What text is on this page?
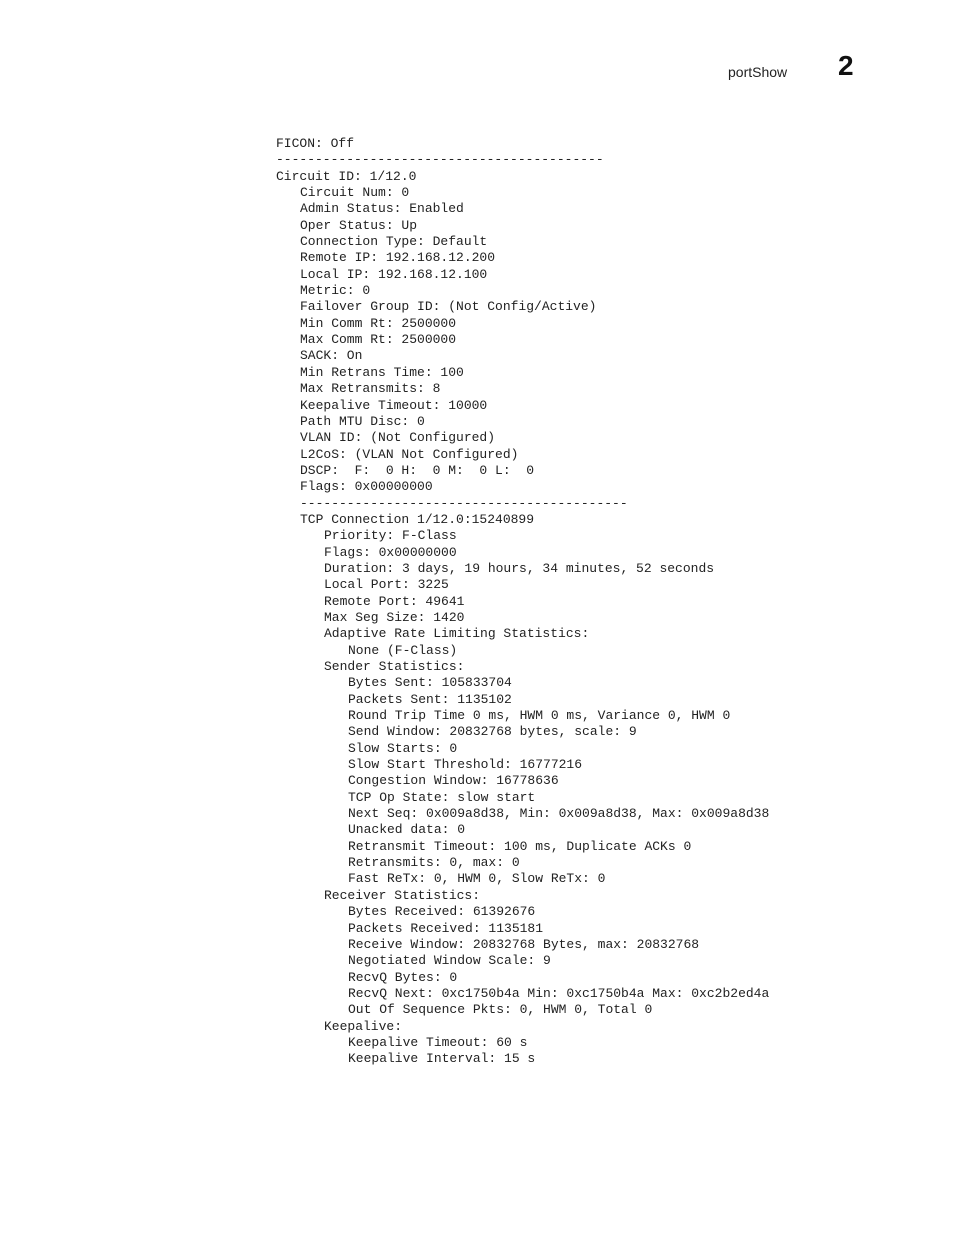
portShow 2
FICON: Off
------------------------------------------
Circuit ID: 1/12.0
Circuit Num: 0
Admin Status: Enabled
Oper Status: Up
Connection Type: Default
Remote IP: 192.168.12.200
Local IP: 192.168.12.100
Metric: 0
Failover Group ID: (Not Config/Active)
Min Comm Rt: 2500000
Max Comm Rt: 2500000
SACK: On
Min Retrans Time: 100
Max Retransmits: 8
Keepalive Timeout: 10000
Path MTU Disc: 0
VLAN ID: (Not Configured)
L2CoS: (VLAN Not Configured)
DSCP:  F:  0 H:  0 M:  0 L:  0
Flags: 0x00000000
------------------------------------------
TCP Connection 1/12.0:15240899
Priority: F-Class
Flags: 0x00000000
Duration: 3 days, 19 hours, 34 minutes, 52 seconds
Local Port: 3225
Remote Port: 49641
Max Seg Size: 1420
Adaptive Rate Limiting Statistics:
None (F-Class)
Sender Statistics:
Bytes Sent: 105833704
Packets Sent: 1135102
Round Trip Time 0 ms, HWM 0 ms, Variance 0, HWM 0
Send Window: 20832768 bytes, scale: 9
Slow Starts: 0
Slow Start Threshold: 16777216
Congestion Window: 16778636
TCP Op State: slow start
Next Seq: 0x009a8d38, Min: 0x009a8d38, Max: 0x009a8d38
Unacked data: 0
Retransmit Timeout: 100 ms, Duplicate ACKs 0
Retransmits: 0, max: 0
Fast ReTx: 0, HWM 0, Slow ReTx: 0
Receiver Statistics:
Bytes Received: 61392676
Packets Received: 1135181
Receive Window: 20832768 Bytes, max: 20832768
Negotiated Window Scale: 9
RecvQ Bytes: 0
RecvQ Next: 0xc1750b4a Min: 0xc1750b4a Max: 0xc2b2ed4a
Out Of Sequence Pkts: 0, HWM 0, Total 0
Keepalive:
Keepalive Timeout: 60 s
Keepalive Interval: 15 s
